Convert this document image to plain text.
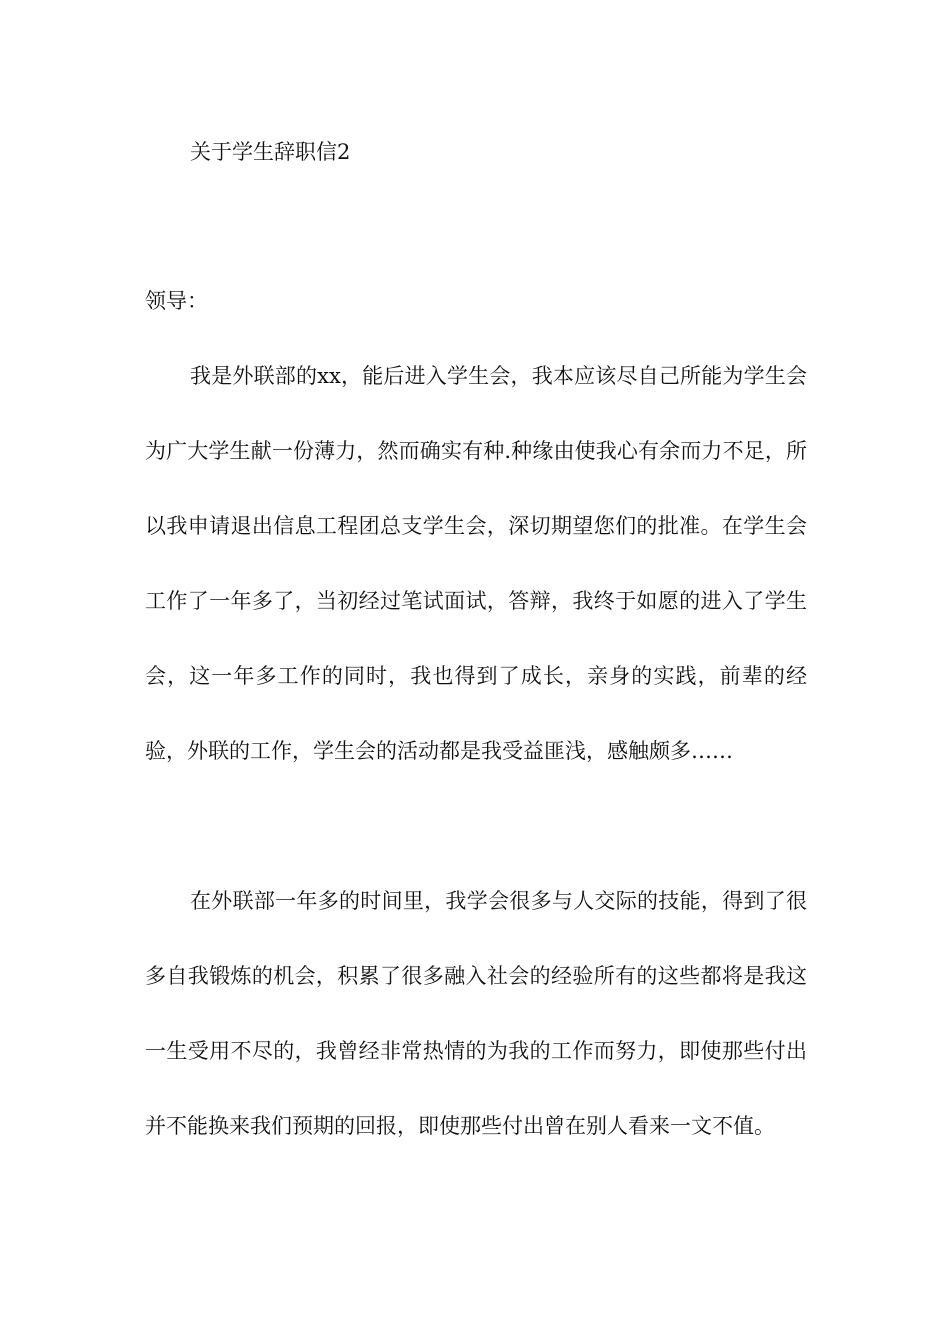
关于学生辞职信2
领导：

我是外联部的xx，能后进入学生会，我本应该尽自己所能为学生会为广大学生献一份薄力，然而确实有种.种缘由使我心有余而力不足，所以我申请退出信息工程团总支学生会，深切期望您们的批准。在学生会工作了一年多了，当初经过笔试面试，答辩，我终于如愿的进入了学生会，这一年多工作的同时，我也得到了成长，亲身的实践，前辈的经验，外联的工作，学生会的活动都是我受益匪浅，感触颇多……

在外联部一年多的时间里，我学会很多与人交际的技能，得到了很多自我锻炼的机会，积累了很多融入社会的经验所有的这些都将是我这一生受用不尽的，我曾经非常热情的为我的工作而努力，即使那些付出并不能换来我们预期的回报，即使那些付出曾在别人看来一文不值。
